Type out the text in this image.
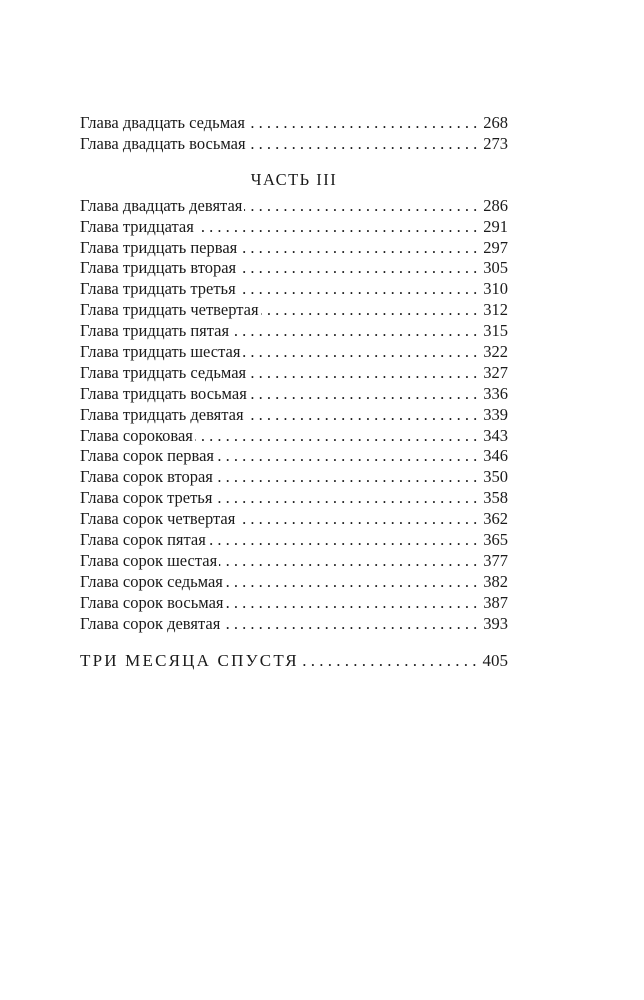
Глава двадцать седьмая . . .	268
Глава двадцать восьмая . . .	273
ЧАСТЬ III
Глава двадцать девятая . . .	286
Глава тридцатая . . .	291
Глава тридцать первая . . .	297
Глава тридцать вторая . . .	305
Глава тридцать третья . . .	310
Глава тридцать четвертая . . .	312
Глава тридцать пятая . . .	315
Глава тридцать шестая . . .	322
Глава тридцать седьмая . . .	327
Глава тридцать восьмая . . .	336
Глава тридцать девятая . . .	339
Глава сороковая . . .	343
Глава сорок первая . . .	346
Глава сорок вторая . . .	350
Глава сорок третья . . .	358
Глава сорок четвертая . . .	362
Глава сорок пятая . . .	365
Глава сорок шестая . . .	377
Глава сорок седьмая . . .	382
Глава сорок восьмая . . .	387
Глава сорок девятая . . .	393
ТРИ МЕСЯЦА СПУСТЯ . . .	405
